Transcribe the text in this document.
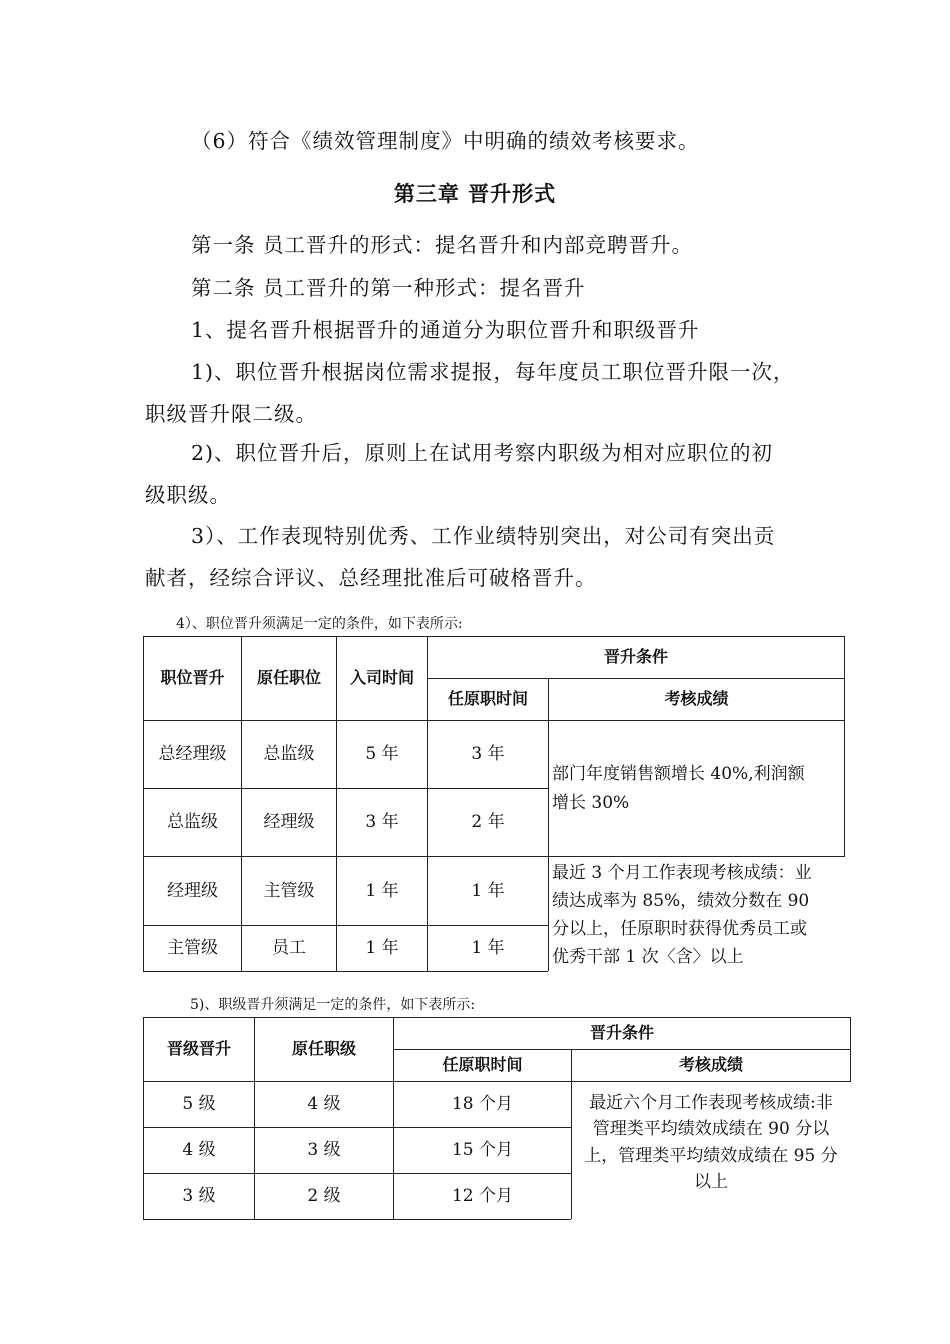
（6）符合《绩效管理制度》中明确的绩效考核要求。
第三章 晋升形式
第一条 员工晋升的形式：提名晋升和内部竞聘晋升。
第二条 员工晋升的第一种形式：提名晋升
1、提名晋升根据晋升的通道分为职位晋升和职级晋升
1)、职位晋升根据岗位需求提报，每年度员工职位晋升限一次，
职级晋升限二级。
2)、职位晋升后，原则上在试用考察内职级为相对应职位的初
级职级。
3）、工作表现特别优秀、工作业绩特别突出，对公司有突出贡
献者，经综合评议、总经理批准后可破格晋升。
4）、职位晋升须满足一定的条件，如下表所示:
职位晋升	原任职位	入司时间	晋升条件	
			任原职时间	考核成绩
总经理级	总监级	5 年	3 年	部门年度销售额增长 40%,利润额
增长 30%

总监级	经理级	3 年	2 年	
经理级	主管级	1 年	1 年	最近 3 个月工作表现考核成绩：业
绩达成率为 85%，绩效分数在 90
分以上，任原职时获得优秀员工或
优秀干部 1 次〈含〉以上

主管级	员工	1 年	1 年	
5)、职级晋升须满足一定的条件，如下表所示:
晋级晋升	原任职级	晋升条件	
		任原职时间	考核成绩
5 级	4 级	18 个月	最近六个月工作表现考核成绩:非
管理类平均绩效成绩在 90 分以
上，管理类平均绩效成绩在 95 分
以上

4 级	3 级	15 个月	
3 级	2 级	12 个月	
